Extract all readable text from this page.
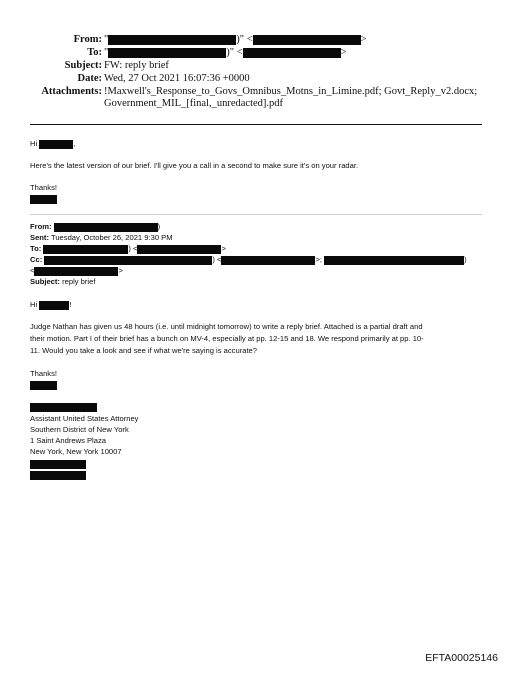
From: "	)" <	>
To: "	)" <	>
Subject: FW: reply brief
Date: Wed, 27 Oct 2021 16:07:36 +0000
Attachments: !Maxwell's_Response_to_Govs_Omnibus_Motns_in_Limine.pdf; Govt_Reply_v2.docx;
Government_MIL_[final,_unredacted].pdf
Hi	,
Here's the latest version of our brief. I'll give you a call in a second to make sure it's on your radar.
Thanks!
From:	)
Sent: Tuesday, October 26, 2021 9:30 PM
To:	) <	>
Cc:	) <	>;	)
<	>
Subject: reply brief
Hi	!
Judge Nathan has given us 48 hours (i.e. until midnight tomorrow) to write a reply brief. Attached is a partial draft and
their motion. Part I of their brief has a bunch on MV-4, especially at pp. 12-15 and 18. We respond primarily at pp. 10-
11. Would you take a look and see if what we're saying is accurate?
Thanks!
Assistant United States Attorney
Southern District of New York
1 Saint Andrews Plaza
New York, New York 10007
EFTA00025146
